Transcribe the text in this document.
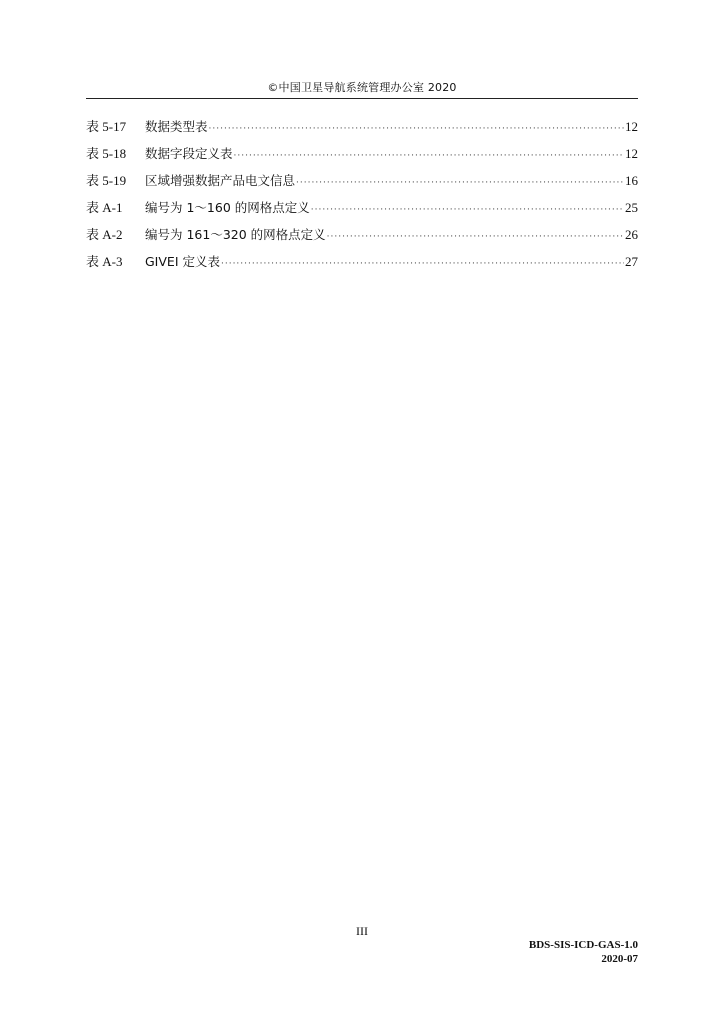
©中国卫星导航系统管理办公室 2020
表 5-17	数据类型表 ·····	12
表 5-18	数据字段定义表 ·····	12
表 5-19	区域增强数据产品电文信息 ·····	16
表 A-1	编号为 1～160 的网格点定义 ·····	25
表 A-2	编号为 161～320 的网格点定义 ·····	26
表 A-3	GIVEI 定义表 ·····	27
III
BDS-SIS-ICD-GAS-1.0
2020-07
